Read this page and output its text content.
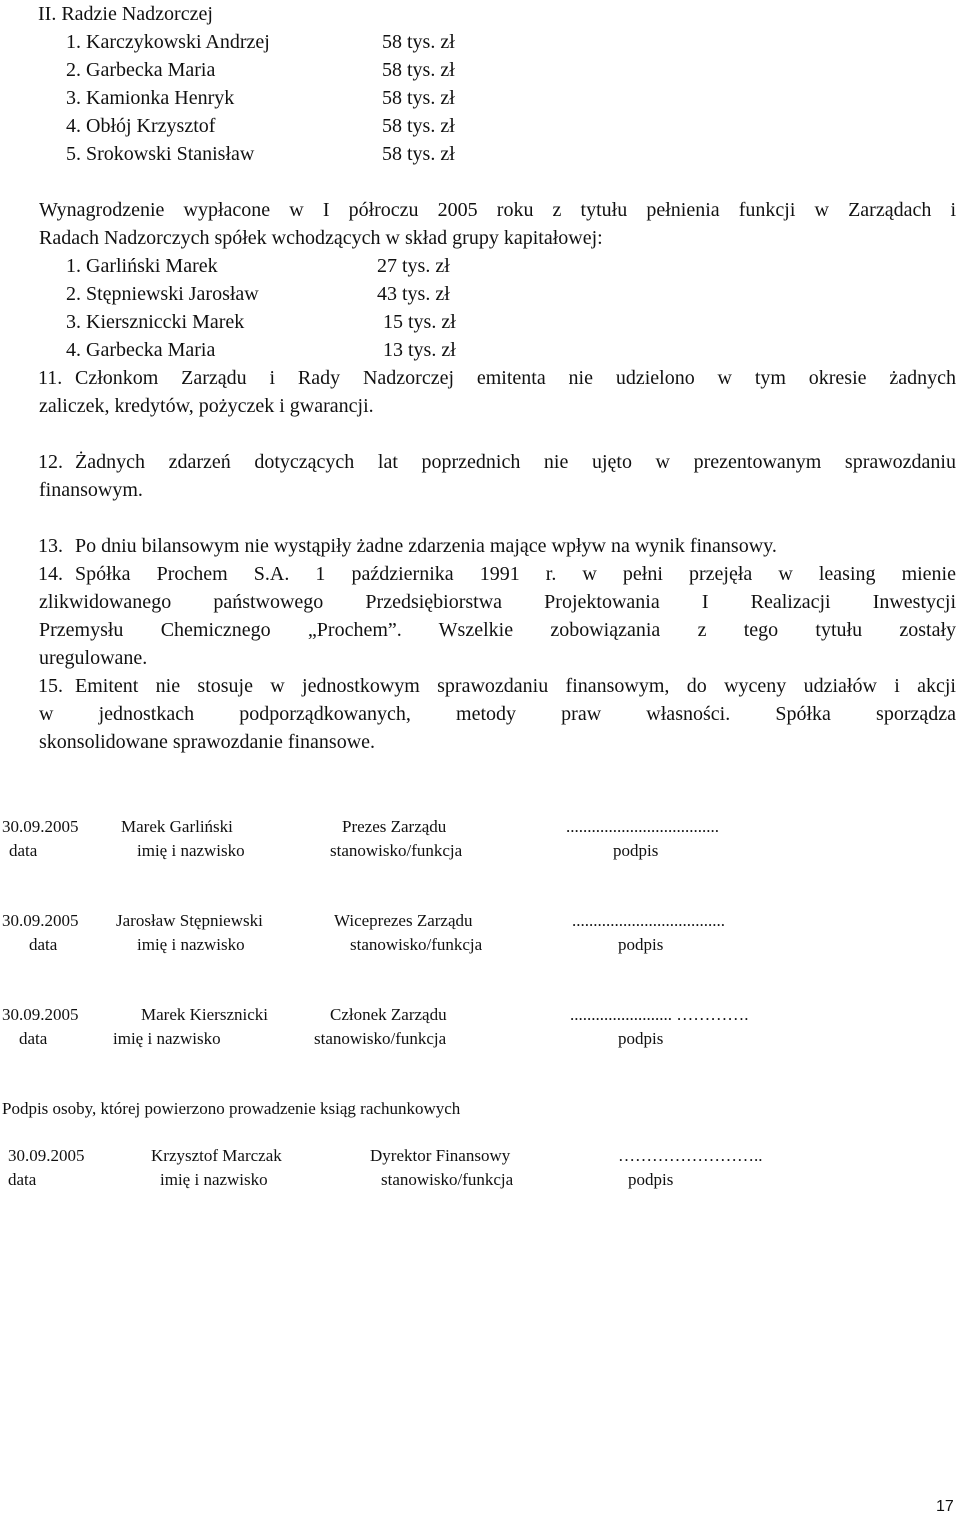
II. Radzie Nadzorczej
1. Karczykowski Andrzej	58 tys. zł
2. Garbecka Maria	58 tys. zł
3. Kamionka Henryk	58 tys. zł
4. Obłój Krzysztof	58 tys. zł
5. Srokowski Stanisław	58 tys. zł
Wynagrodzenie wypłacone w I półroczu 2005 roku z tytułu pełnienia funkcji w Zarządach i
Radach Nadzorczych spółek wchodzących w skład grupy kapitałowej:
1. Garliński Marek	27 tys. zł
2. Stępniewski Jarosław	43 tys. zł
3. Kierszniccki Marek	15 tys. zł
4. Garbecka Maria	13 tys. zł
11. Członkom Zarządu i Rady Nadzorczej emitenta nie udzielono w tym okresie żadnych
zaliczek, kredytów, pożyczek i gwarancji.
12. Żadnych zdarzeń dotyczących lat poprzednich nie ujęto w prezentowanym sprawozdaniu
finansowym.
13. Po dniu bilansowym nie wystąpiły żadne zdarzenia mające wpływ na wynik finansowy.
14. Spółka Prochem S.A. 1 października 1991 r. w pełni przejęła w leasing mienie
zlikwidowanego państwowego Przedsiębiorstwa Projektowania I Realizacji Inwestycji
Przemysłu Chemicznego „Prochem”. Wszelkie zobowiązania z tego tytułu zostały
uregulowane.
15. Emitent nie stosuje w jednostkowym sprawozdaniu finansowym, do wyceny udziałów i akcji
w jednostkach podporządkowanych, metody praw własności. Spółka sporządza
skonsolidowane sprawozdanie finansowe.
30.09.2005	Marek Garliński	Prezes Zarządu	....................................
data	imię i nazwisko	stanowisko/funkcja	podpis
30.09.2005 Jarosław Stępniewski	Wiceprezes Zarządu	....................................
data	imię i nazwisko	stanowisko/funkcja	podpis
30.09.2005	Marek Kiersznicki	Członek Zarządu	........................ ………….
data	imię i nazwisko	stanowisko/funkcja	podpis
Podpis osoby, której powierzono prowadzenie ksiąg rachunkowych
30.09.2005	Krzysztof Marczak	Dyrektor Finansowy	……………………..
data	imię i nazwisko	stanowisko/funkcja	podpis
17
